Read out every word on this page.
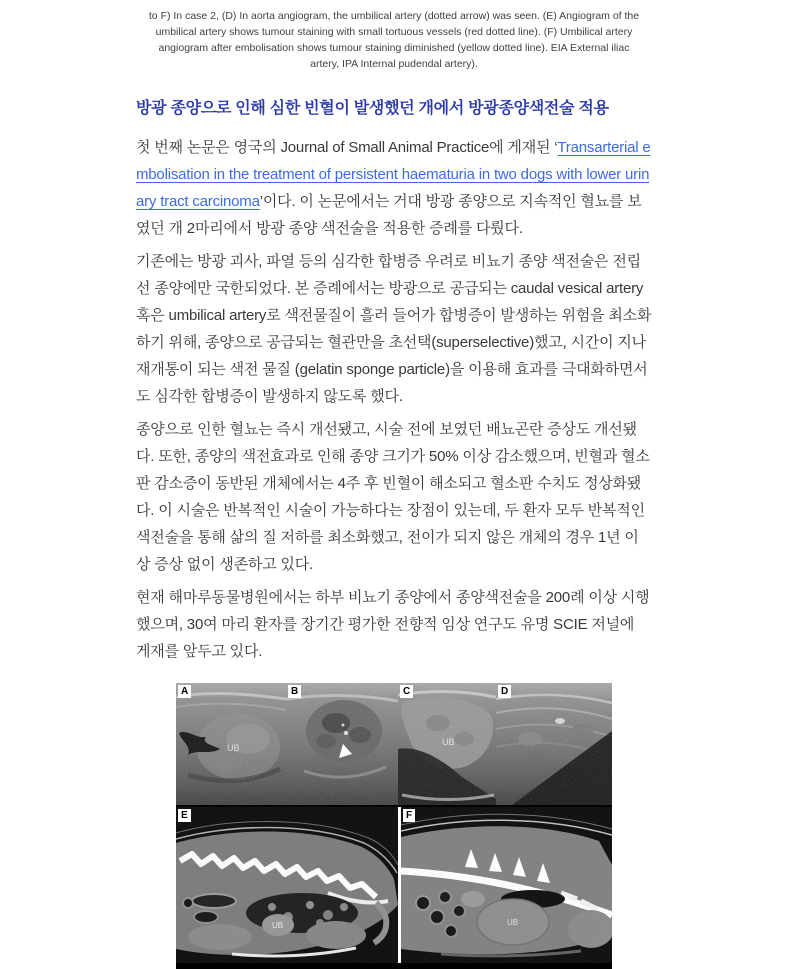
to F) In case 2, (D) In aorta angiogram, the umbilical artery (dotted arrow) was seen. (E) Angiogram of the umbilical artery shows tumour staining with small tortuous vessels (red dotted line). (F) Umbilical artery angiogram after embolisation shows tumour staining diminished (yellow dotted line). EIA External iliac artery, IPA Internal pudendal artery).

방광 종양으로 인해 심한 빈혈이 발생했던 개에서 방광종양색전술 적용

첫 번째 논문은 영국의 Journal of Small Animal Practice에 게재된 ‘Transarterial embolisation in the treatment of persistent haematuria in two dogs with lower urinary tract carcinoma’이다. 이 논문에서는 거대 방광 종양으로 지속적인 혈뇨를 보였던 개 2마리에서 방광 종양 색전술을 적용한 증례를 다뤘다.

기존에는 방광 괴사, 파열 등의 심각한 합병증 우려로 비뇨기 종양 색전술은 전립선 종양에만 국한되었다. 본 증례에서는 방광으로 공급되는 caudal vesical artery 혹은 umbilical artery로 색전물질이 흘러 들어가 합병증이 발생하는 위험을 최소화하기 위해, 종양으로 공급되는 혈관만을 초선택(superselective)했고, 시간이 지나 재개통이 되는 색전 물질 (gelatin sponge particle)을 이용해 효과를 극대화하면서도 심각한 합병증이 발생하지 않도록 했다.

종양으로 인한 혈뇨는 즉시 개선됐고, 시술 전에 보였던 배뇨곤란 증상도 개선됐다. 또한, 종양의 색전효과로 인해 종양 크기가 50% 이상 감소했으며, 빈혈과 혈소판 감소증이 동반된 개체에서는 4주 후 빈혈이 해소되고 혈소판 수치도 정상화됐다. 이 시술은 반복적인 시술이 가능하다는 장점이 있는데, 두 환자 모두 반복적인 색전술을 통해 삶의 질 저하를 최소화했고, 전이가 되지 않은 개체의 경우 1년 이상 증상 없이 생존하고 있다.

현재 해마루동물병원에서는 하부 비뇨기 종양에서 종양색전술을 200례 이상 시행했으며, 30여 마리 환자를 장기간 평가한 전향적 임상 연구도 유명 SCIE 저널에 게재를 앞두고 있다.

UB
A	B
UB
C	D
UB
E
UB
F
